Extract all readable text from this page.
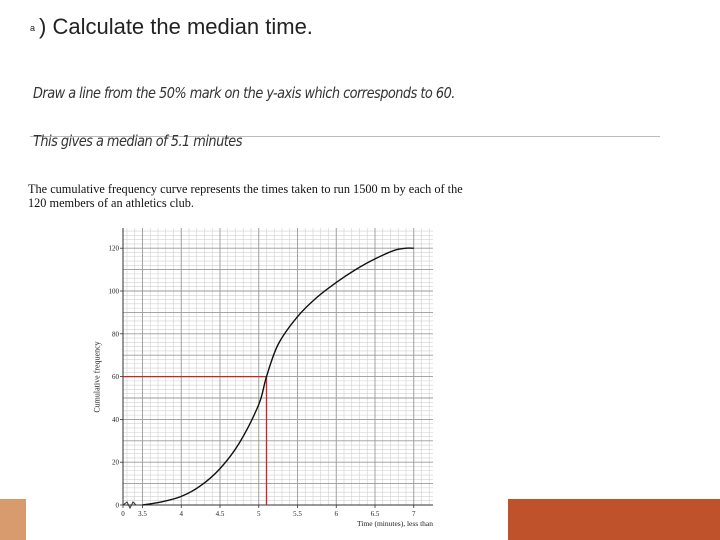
a ) Calculate the median time.
Draw a line from the 50% mark on the y-axis which corresponds to 60.
This gives a median of 5.1 minutes
The cumulative frequency curve represents the times taken to run 1500 m by each of the
120 members of an athletics club.
0 3.5	4	4.5	5	5.5	6	6.5	7
0
20
40
60
80
100
120
Time (minutes), less than
Cumulative frequency
